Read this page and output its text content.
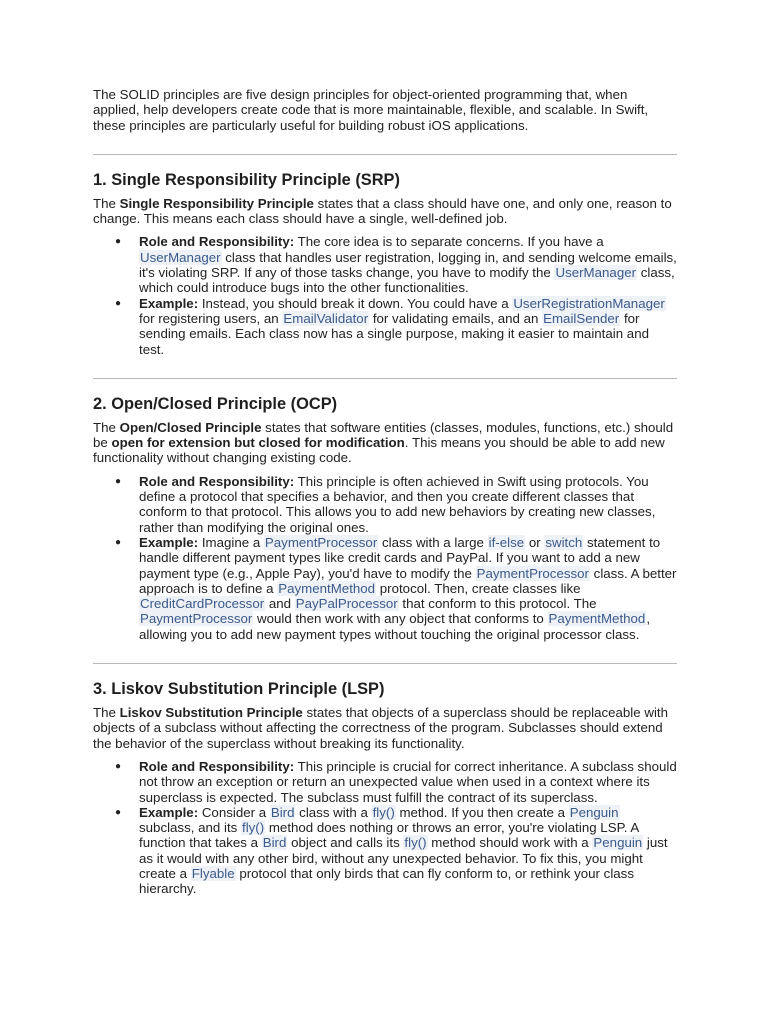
The SOLID principles are five design principles for object-oriented programming that, when applied, help developers create code that is more maintainable, flexible, and scalable. In Swift, these principles are particularly useful for building robust iOS applications.

1. Single Responsibility Principle (SRP)

The Single Responsibility Principle states that a class should have one, and only one, reason to change. This means each class should have a single, well-defined job.

● Role and Responsibility: The core idea is to separate concerns. If you have a UserManager class that handles user registration, logging in, and sending welcome emails, it's violating SRP. If any of those tasks change, you have to modify the UserManager class, which could introduce bugs into the other functionalities.
● Example: Instead, you should break it down. You could have a UserRegistrationManager for registering users, an EmailValidator for validating emails, and an EmailSender for sending emails. Each class now has a single purpose, making it easier to maintain and test.
2. Open/Closed Principle (OCP)

The Open/Closed Principle states that software entities (classes, modules, functions, etc.) should be open for extension but closed for modification. This means you should be able to add new functionality without changing existing code.

● Role and Responsibility: This principle is often achieved in Swift using protocols. You define a protocol that specifies a behavior, and then you create different classes that conform to that protocol. This allows you to add new behaviors by creating new classes, rather than modifying the original ones.
● Example: Imagine a PaymentProcessor class with a large if-else or switch statement to handle different payment types like credit cards and PayPal. If you want to add a new payment type (e.g., Apple Pay), you'd have to modify the PaymentProcessor class. A better approach is to define a PaymentMethod protocol. Then, create classes like CreditCardProcessor and PayPalProcessor that conform to this protocol. The PaymentProcessor would then work with any object that conforms to PaymentMethod, allowing you to add new payment types without touching the original processor class.
3. Liskov Substitution Principle (LSP)

The Liskov Substitution Principle states that objects of a superclass should be replaceable with objects of a subclass without affecting the correctness of the program. Subclasses should extend the behavior of the superclass without breaking its functionality.

● Role and Responsibility: This principle is crucial for correct inheritance. A subclass should not throw an exception or return an unexpected value when used in a context where its superclass is expected. The subclass must fulfill the contract of its superclass.
● Example: Consider a Bird class with a fly() method. If you then create a Penguin subclass, and its fly() method does nothing or throws an error, you're violating LSP. A function that takes a Bird object and calls its fly() method should work with a Penguin just as it would with any other bird, without any unexpected behavior. To fix this, you might create a Flyable protocol that only birds that can fly conform to, or rethink your class hierarchy.
